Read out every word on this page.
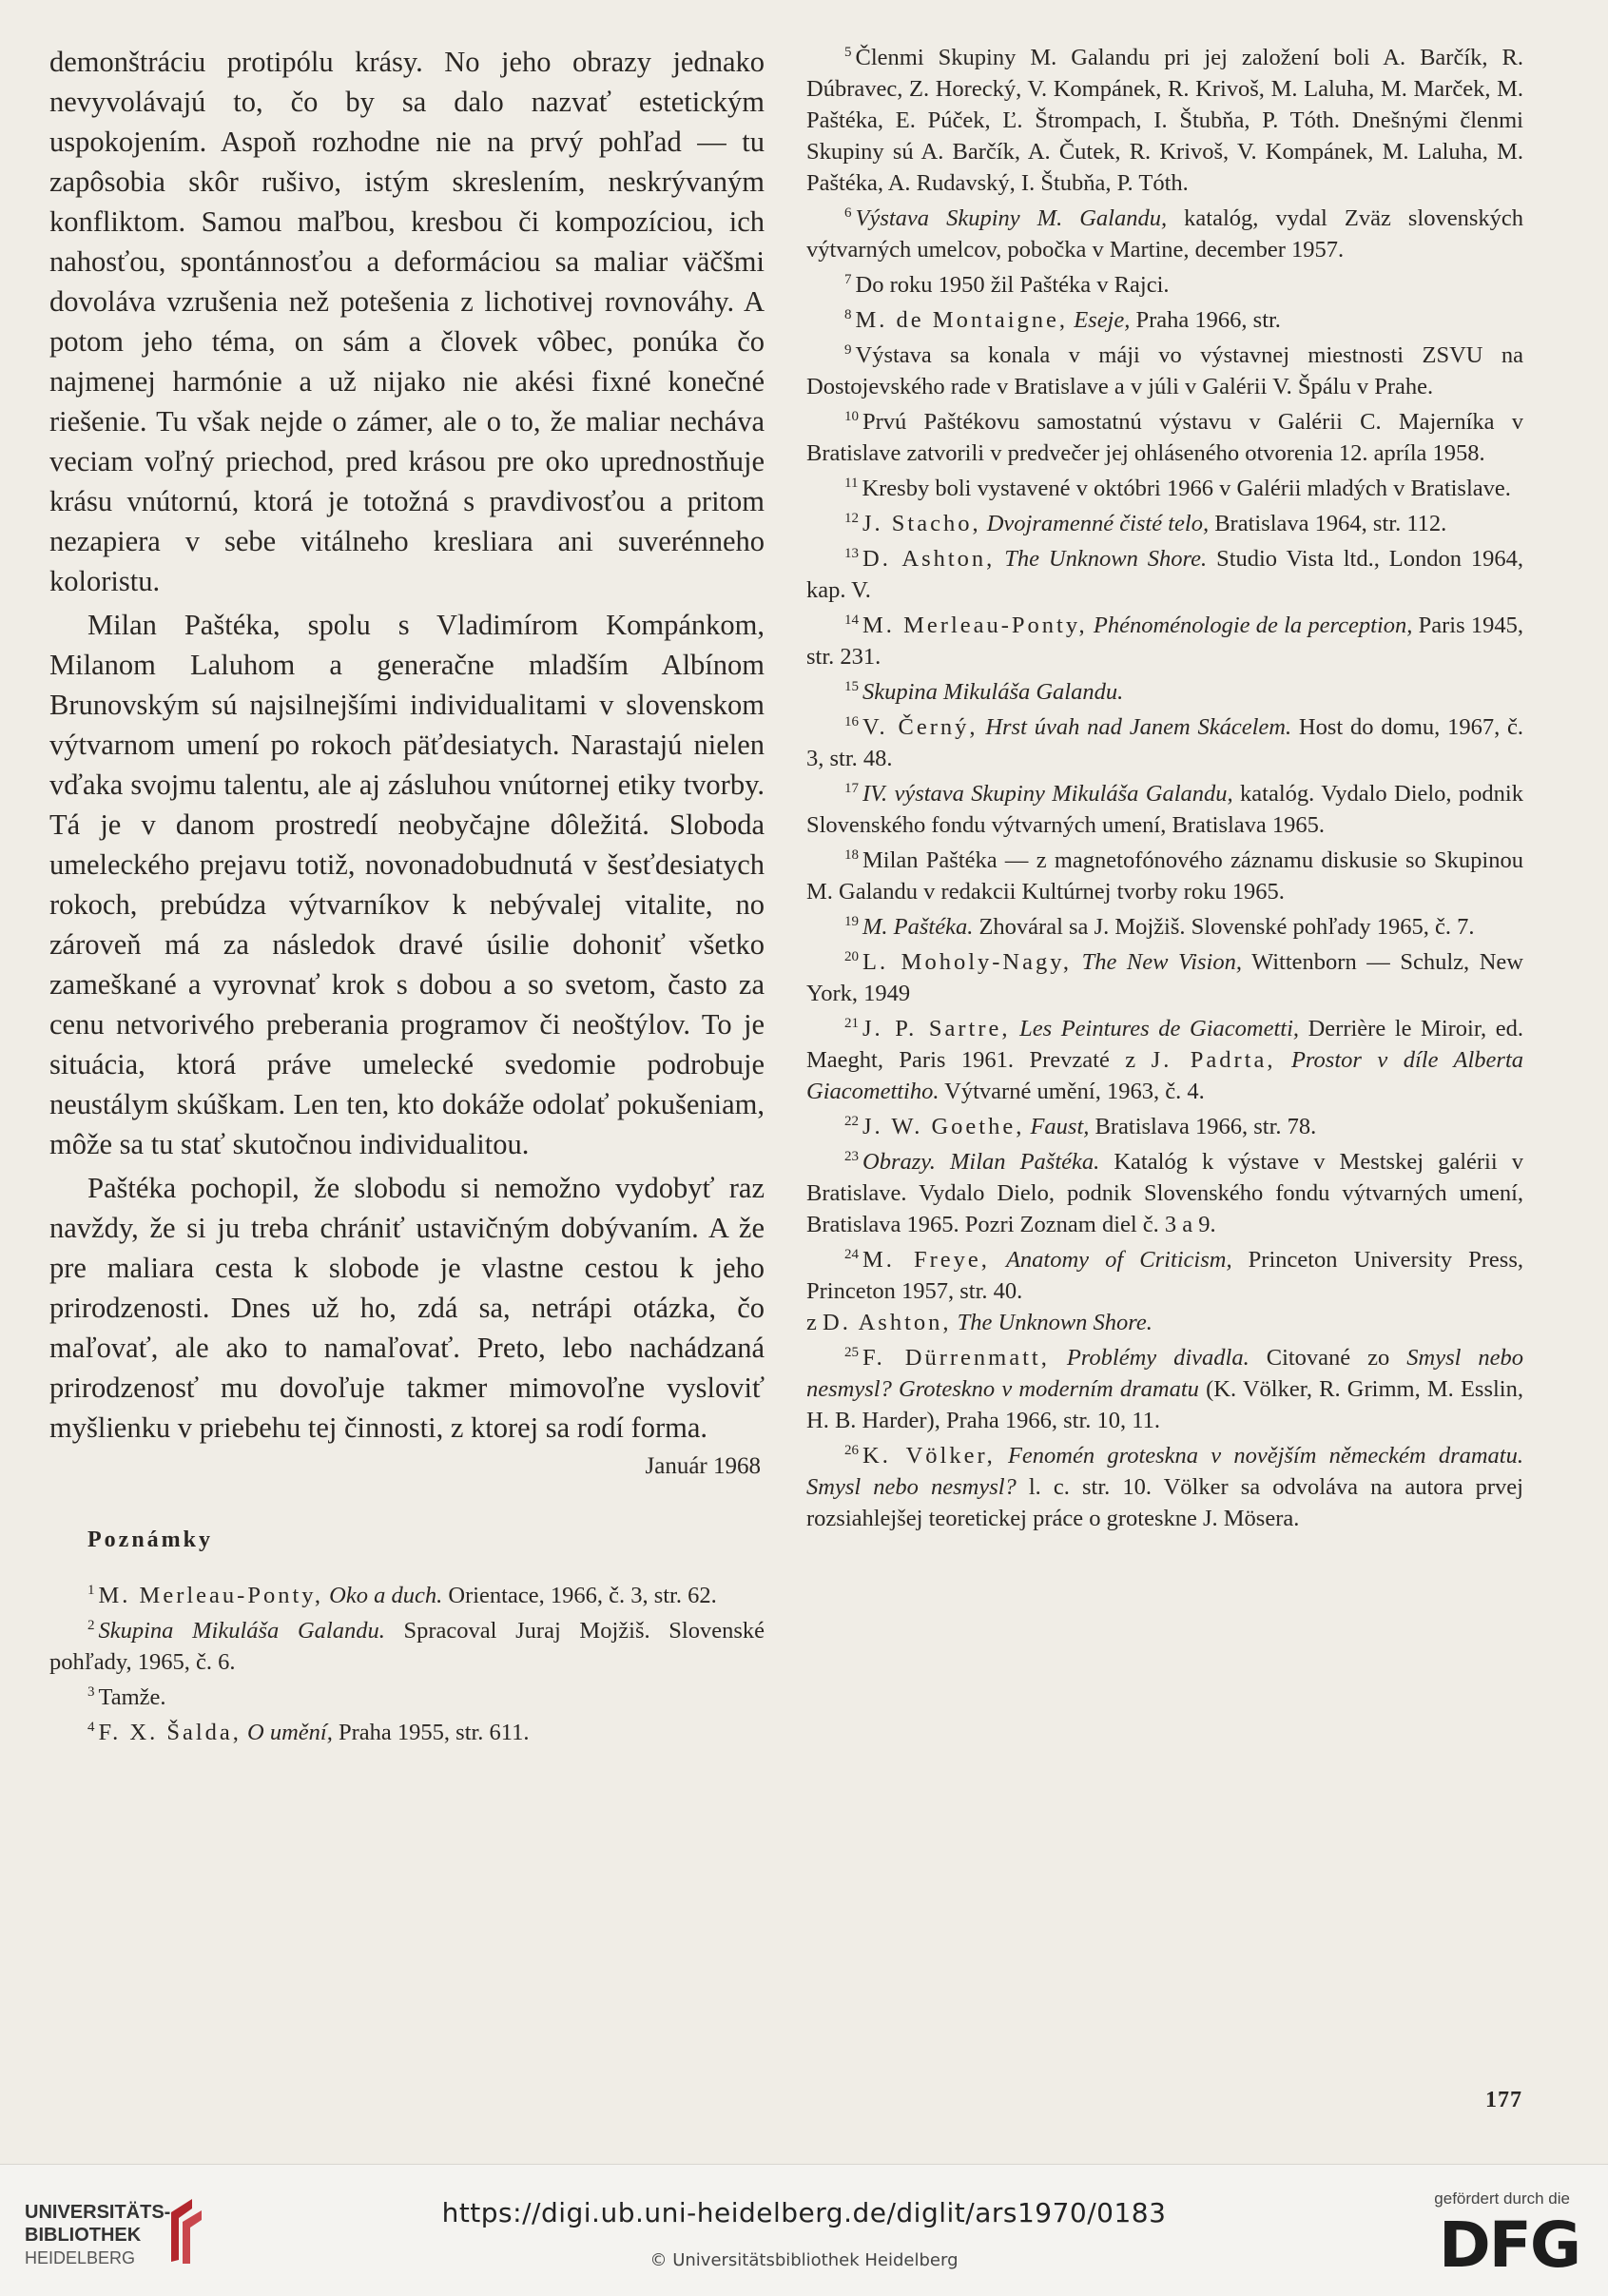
demonštráciu protipólu krásy. No jeho obrazy jednako nevyvolávajú to, čo by sa dalo nazvať estetickým uspokojením. Aspoň rozhodne nie na prvý pohľad — tu zapôsobia skôr rušivo, istým skreslením, neskrývaným konfliktom. Samou maľbou, kresbou či kompozíciou, ich nahosťou, spontánnosťou a deformáciou sa maliar väčšmi dovoláva vzrušenia než potešenia z lichotivej rovnováhy. A potom jeho téma, on sám a človek vôbec, ponúka čo najmenej harmónie a už nijako nie akési fixné konečné riešenie. Tu však nejde o zámer, ale o to, že maliar necháva veciam voľný priechod, pred krásou pre oko uprednostňuje krásu vnútornú, ktorá je totožná s pravdivosťou a pritom nezapiera v sebe vitálneho kresliara ani suverénneho koloristu.

Milan Paštéka, spolu s Vladimírom Kompánkom, Milanom Laluhom a generačne mladším Albínom Brunovským sú najsilnejšími individualitami v slovenskom výtvarnom umení po rokoch päťdesiatych. Narastajú nielen vďaka svojmu talentu, ale aj zásluhou vnútornej etiky tvorby. Tá je v danom prostredí neobyčajne dôležitá. Sloboda umeleckého prejavu totiž, novonadobudnutá v šesťdesiatych rokoch, prebúdza výtvarníkov k nebývalej vitalite, no zároveň má za následok dravé úsilie dohoniť všetko zameškané a vyrovnať krok s dobou a so svetom, často za cenu netvorivého preberania programov či neoštýlov. To je situácia, ktorá práve umelecké svedomie podrobuje neustálym skúškam. Len ten, kto dokáže odolať pokušeniam, môže sa tu stať skutočnou individualitou.

Paštéka pochopil, že slobodu si nemožno vydobyť raz navždy, že si ju treba chrániť ustavičným dobývaním. A že pre maliara cesta k slobode je vlastne cestou k jeho prirodzenosti. Dnes už ho, zdá sa, netrápi otázka, čo maľovať, ale ako to namaľovať. Preto, lebo nachádzaná prirodzenosť mu dovoľuje takmer mimovoľne vysloviť myšlienku v priebehu tej činnosti, z ktorej sa rodí forma.

Január 1968
Poznámky

$^1$ M. Merleau-Ponty, Oko a duch. Orientace, 1966, č. 3, str. 62.

$^2$ Skupina Mikuláša Galandu. Spracoval Juraj Mojžiš. Slovenské pohľady, 1965, č. 6.

$^3$ Tamže.

$^4$ F. X. Šalda, O umění, Praha 1955, str. 611.

$^5$ Členmi Skupiny M. Galandu pri jej založení boli A. Barčík, R. Dúbravec, Z. Horecký, V. Kompánek, R. Krivoš, M. Laluha, M. Marček, M. Paštéka, E. Púček, Ľ. Štrompach, I. Štubňa, P. Tóth. Dnešnými členmi Skupiny sú A. Barčík, A. Čutek, R. Krivoš, V. Kompánek, M. Laluha, M. Paštéka, A. Rudavský, I. Štubňa, P. Tóth.

$^6$ Výstava Skupiny M. Galandu, katalóg, vydal Zväz slovenských výtvarných umelcov, pobočka v Martine, december 1957.

$^7$ Do roku 1950 žil Paštéka v Rajci.

$^8$ M. de Montaigne, Eseje, Praha 1966, str.

$^9$ Výstava sa konala v máji vo výstavnej miestnosti ZSVU na Dostojevského rade v Bratislave a v júli v Galérii V. Špálu v Prahe.

$^{10}$ Prvú Paštékovu samostatnú výstavu v Galérii C. Majerníka v Bratislave zatvorili v predvečer jej ohláseného otvorenia 12. apríla 1958.

$^{11}$ Kresby boli vystavené v októbri 1966 v Galérii mladých v Bratislave.

$^{12}$ J. Stacho, Dvojramenné čisté telo, Bratislava 1964, str. 112.

$^{13}$ D. Ashton, The Unknown Shore. Studio Vista ltd., London 1964, kap. V.

$^{14}$ M. Merleau-Ponty, Phénoménologie de la perception, Paris 1945, str. 231.

$^{15}$ Skupina Mikuláša Galandu.

$^{16}$ V. Černý, Hrst úvah nad Janem Skácelem. Host do domu, 1967, č. 3, str. 48.

$^{17}$ IV. výstava Skupiny Mikuláša Galandu, katalóg. Vydalo Dielo, podnik Slovenského fondu výtvarných umení, Bratislava 1965.

$^{18}$ Milan Paštéka — z magnetofónového záznamu diskusie so Skupinou M. Galandu v redakcii Kultúrnej tvorby roku 1965.

$^{19}$ M. Paštéka. Zhováral sa J. Mojžiš. Slovenské pohľady 1965, č. 7.

$^{20}$ L. Moholy-Nagy, The New Vision, Wittenborn — Schulz, New York, 1949

$^{21}$ J. P. Sartre, Les Peintures de Giacometti, Derrière le Miroir, ed. Maeght, Paris 1961. Prevzaté z J. Padrta, Prostor v díle Alberta Giacomettiho. Výtvarné umění, 1963, č. 4.

$^{22}$ J. W. Goethe, Faust, Bratislava 1966, str. 78.

$^{23}$ Obrazy. Milan Paštéka. Katalóg k výstave v Mestskej galérii v Bratislave. Vydalo Dielo, podnik Slovenského fondu výtvarných umení, Bratislava 1965. Pozri Zoznam diel č. 3 a 9.

$^{24}$ M. Freye, Anatomy of Criticism, Princeton University Press, Princeton 1957, str. 40.
z D. Ashton, The Unknown Shore.

$^{25}$ F. Dürrenmatt, Problémy divadla. Citované zo Smysl nebo nesmysl? Groteskno v moderním dramatu (K. Völker, R. Grimm, M. Esslin, H. B. Harder), Praha 1966, str. 10, 11.

$^{26}$ K. Völker, Fenomén groteskna v novějším německém dramatu. Smysl nebo nesmysl? l. c. str. 10. Völker sa odvoláva na autora prvej rozsiahlejšej teoretickej práce o groteskne J. Mösera.

177
UNIVERSITÄTS-
BIBLIOTHEK
HEIDELBERG
https://digi.ub.uni-heidelberg.de/diglit/ars1970/0183
© Universitätsbibliothek Heidelberg
gefördert durch die
DFG
